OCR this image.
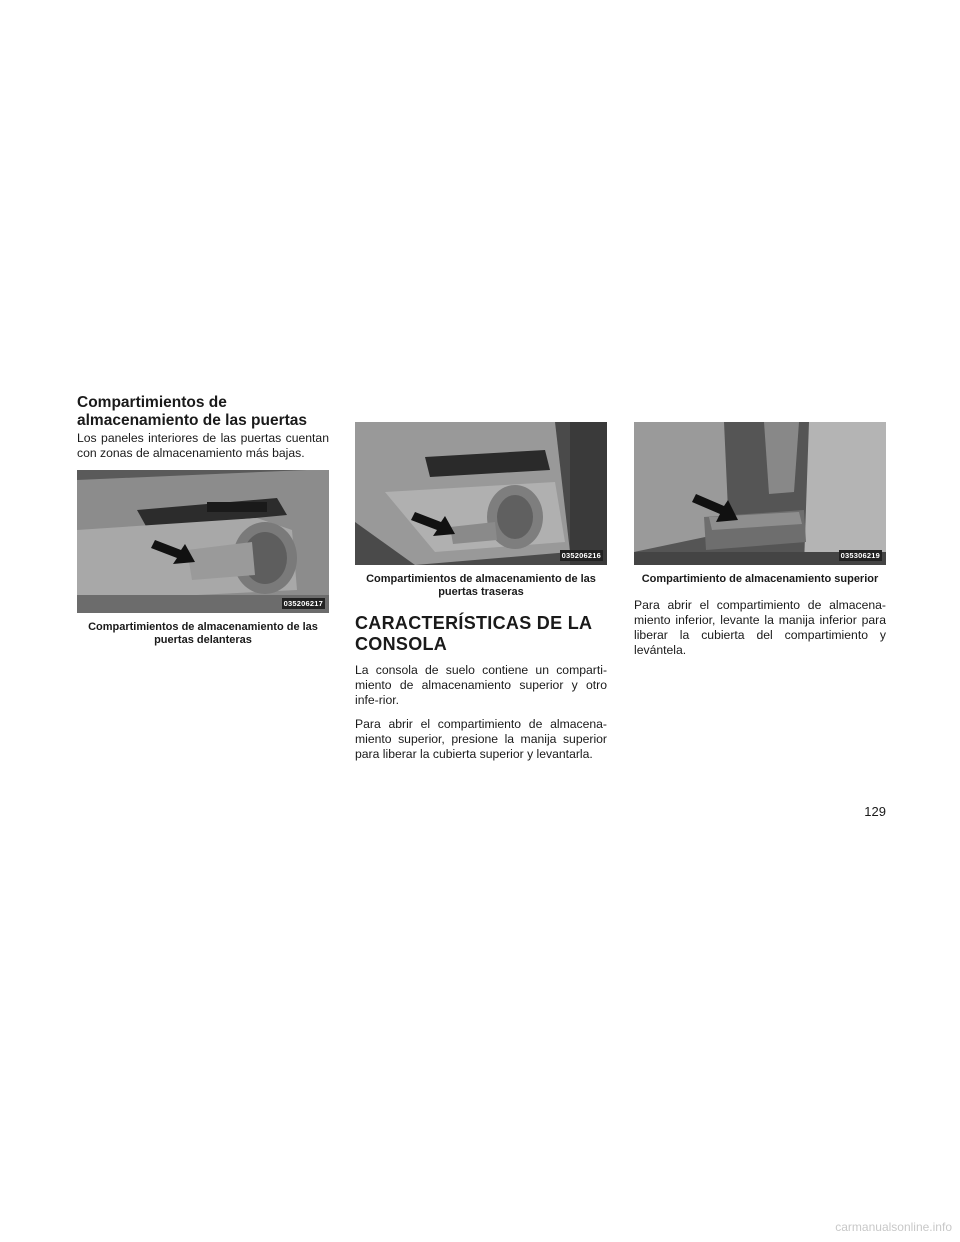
Compartimientos de almacenamiento de las puertas

Los paneles interiores de las puertas cuentan con zonas de almacenamiento más bajas.

035206217
Compartimientos de almacenamiento de las puertas delanteras
035206216
Compartimientos de almacenamiento de las puertas traseras
CARACTERÍSTICAS DE LA CONSOLA

La consola de suelo contiene un comparti-miento de almacenamiento superior y otro infe-rior.

Para abrir el compartimiento de almacena-miento superior, presione la manija superior para liberar la cubierta superior y levantarla.

035306219
Compartimiento de almacenamiento superior

Para abrir el compartimiento de almacena-miento inferior, levante la manija inferior para liberar la cubierta del compartimiento y levántela.

129
carmanualsonline.info
